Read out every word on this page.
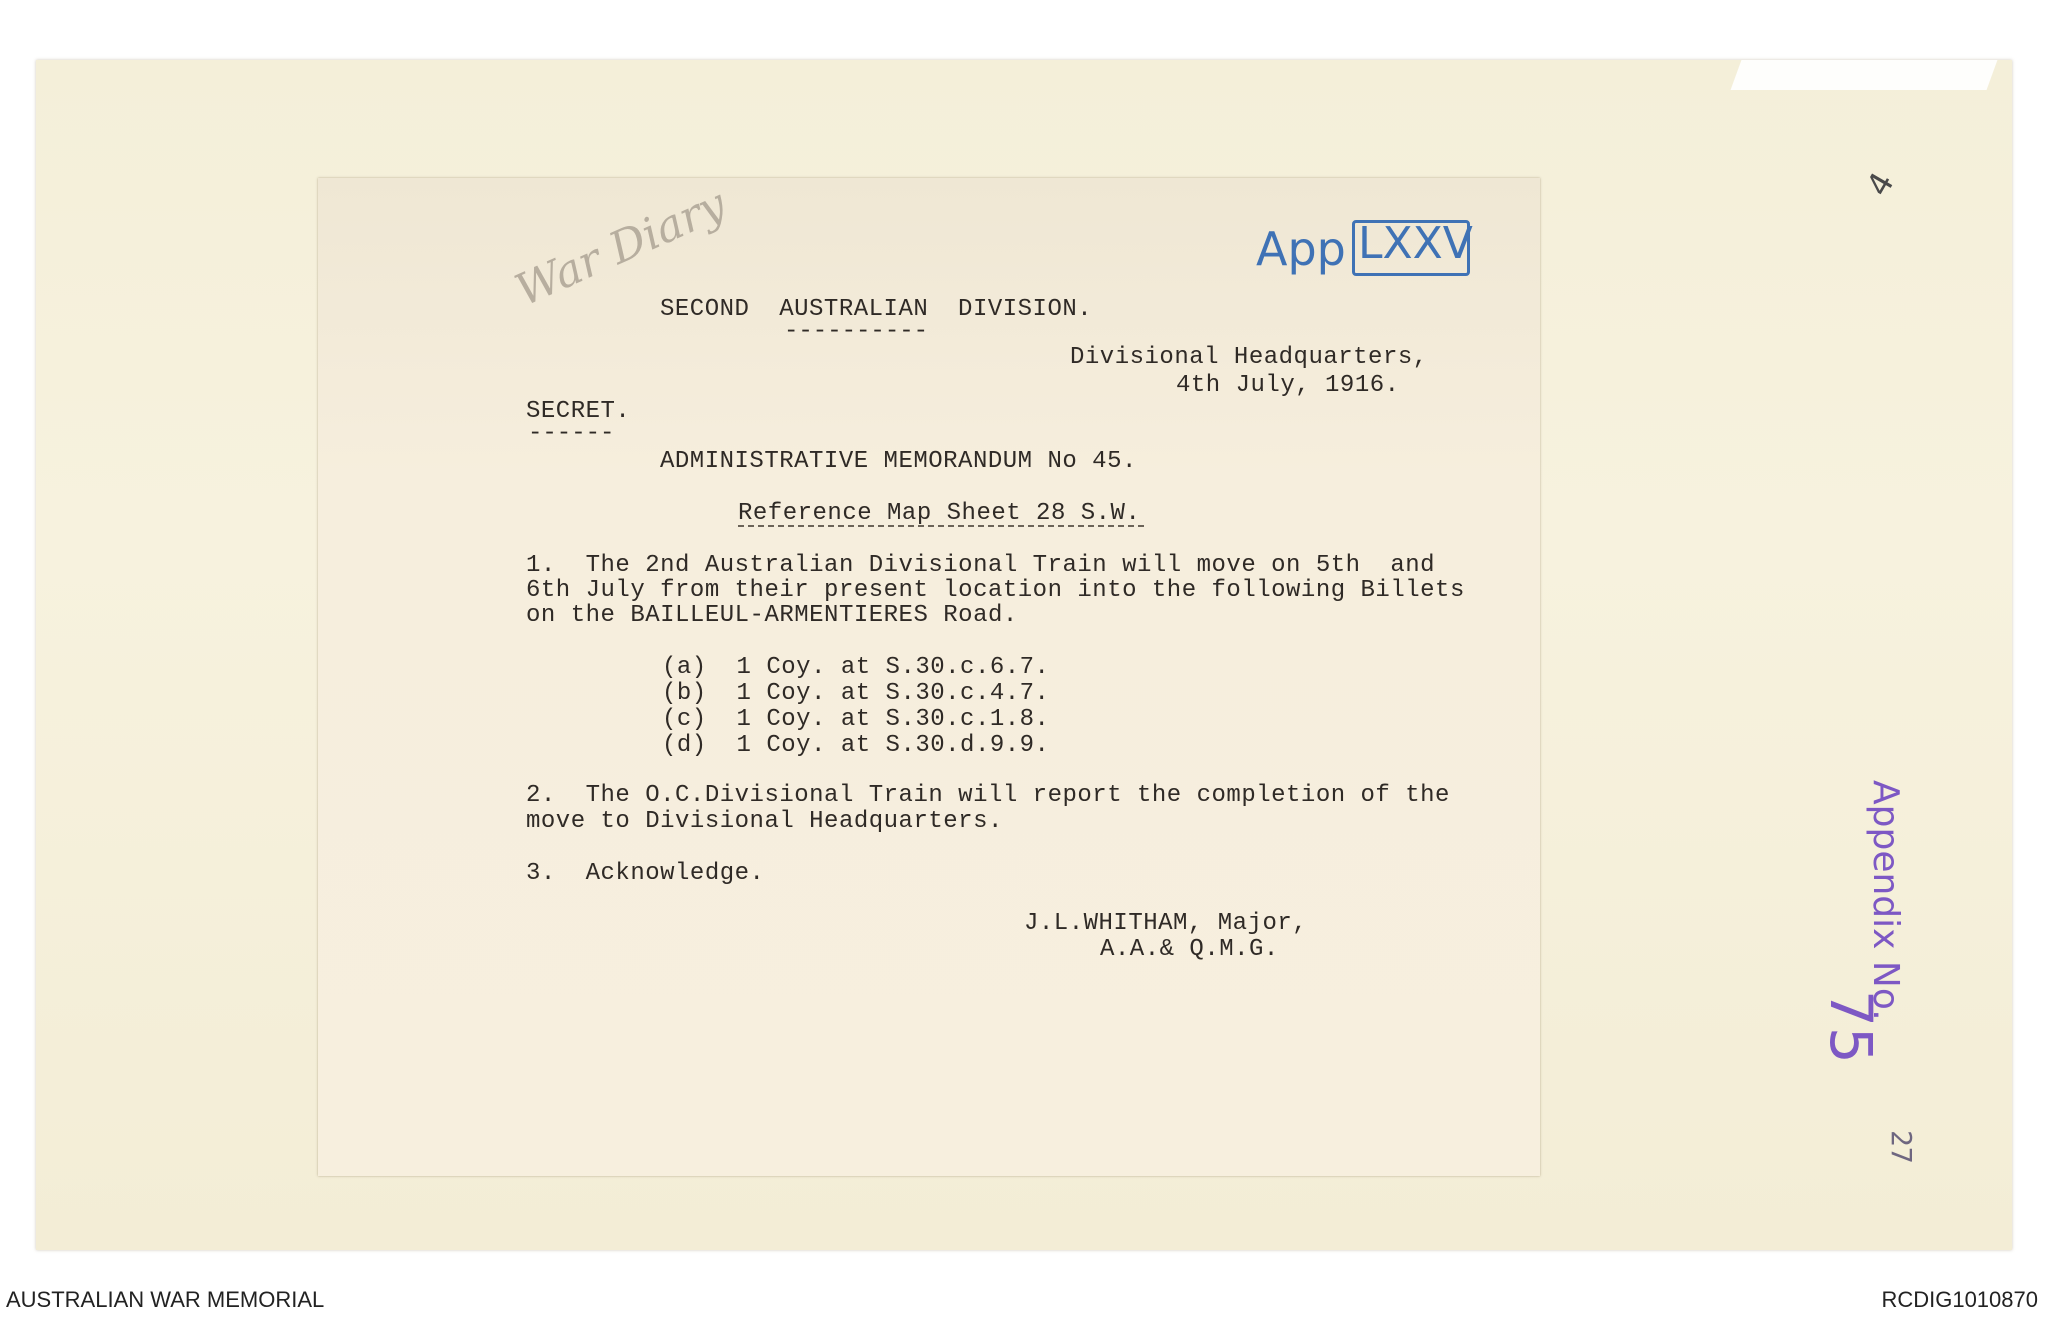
4
War Diary	App LXXV
SECOND  AUSTRALIAN  DIVISION.
----------
Divisional Headquarters,
4th July, 1916.
SECRET.
------
ADMINISTRATIVE MEMORANDUM No 45.
Reference Map Sheet 28 S.W.
1.  The 2nd Australian Divisional Train will move on 5th  and
6th July from their present location into the following Billets
on the BAILLEUL-ARMENTIERES Road.
(a)  1 Coy. at S.30.c.6.7.
(b)  1 Coy. at S.30.c.4.7.
(c)  1 Coy. at S.30.c.1.8.
(d)  1 Coy. at S.30.d.9.9.
2.  The O.C.Divisional Train will report the completion of the
move to Divisional Headquarters.
3.  Acknowledge.
J.L.WHITHAM, Major,
A.A.& Q.M.G.	Appendix No.
75
27
AUSTRALIAN WAR MEMORIAL	RCDIG1010870
